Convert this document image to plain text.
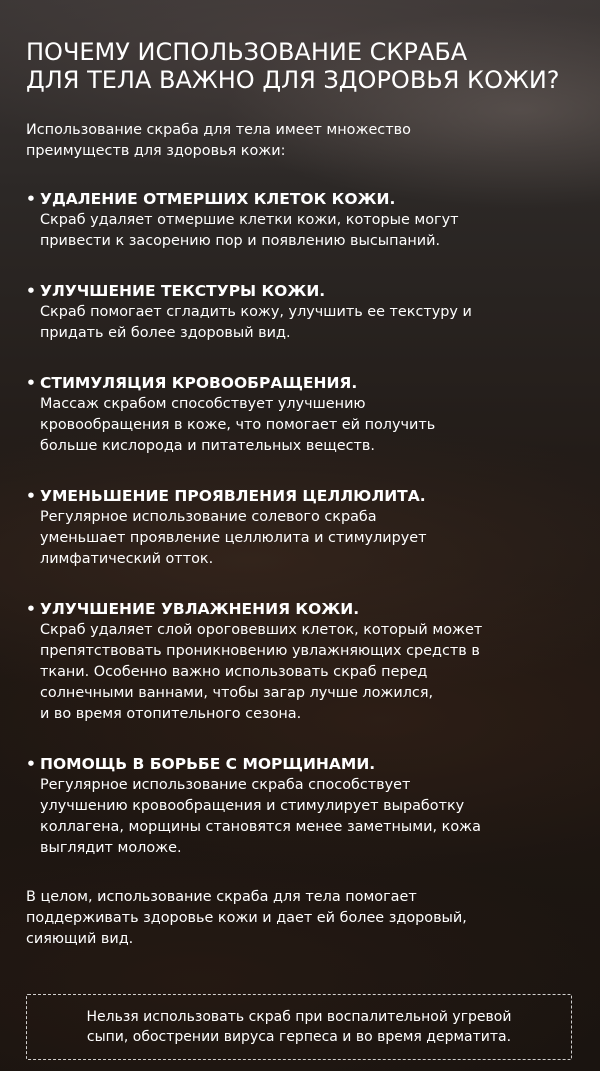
ПОЧЕМУ ИСПОЛЬЗОВАНИЕ СКРАБА
ДЛЯ ТЕЛА ВАЖНО ДЛЯ ЗДОРОВЬЯ КОЖИ?

Использование скраба для тела имеет множество
преимуществ для здоровья кожи:

• УДАЛЕНИЕ ОТМЕРШИХ КЛЕТОК КОЖИ.

Скраб удаляет отмершие клетки кожи, которые могут
привести к засорению пор и появлению высыпаний.

• УЛУЧШЕНИЕ ТЕКСТУРЫ КОЖИ.

Скраб помогает сгладить кожу, улучшить ее текстуру и
придать ей более здоровый вид.

• СТИМУЛЯЦИЯ КРОВООБРАЩЕНИЯ.

Массаж скрабом способствует улучшению
кровообращения в коже, что помогает ей получить
больше кислорода и питательных веществ.

• УМЕНЬШЕНИЕ ПРОЯВЛЕНИЯ ЦЕЛЛЮЛИТА.

Регулярное использование солевого скраба
уменьшает проявление целлюлита и стимулирует
лимфатический отток.

• УЛУЧШЕНИЕ УВЛАЖНЕНИЯ КОЖИ.

Скраб удаляет слой ороговевших клеток, который может
препятствовать проникновению увлажняющих средств в
ткани. Особенно важно использовать скраб перед
солнечными ваннами, чтобы загар лучше ложился,
и во время отопительного сезона.

• ПОМОЩЬ В БОРЬБЕ С МОРЩИНАМИ.

Регулярное использование скраба способствует
улучшению кровообращения и стимулирует выработку
коллагена, морщины становятся менее заметными, кожа
выглядит моложе.

В целом, использование скраба для тела помогает
поддерживать здоровье кожи и дает ей более здоровый,
сияющий вид.

Нельзя использовать скраб при воспалительной угревой
сыпи, обострении вируса герпеса и во время дерматита.
